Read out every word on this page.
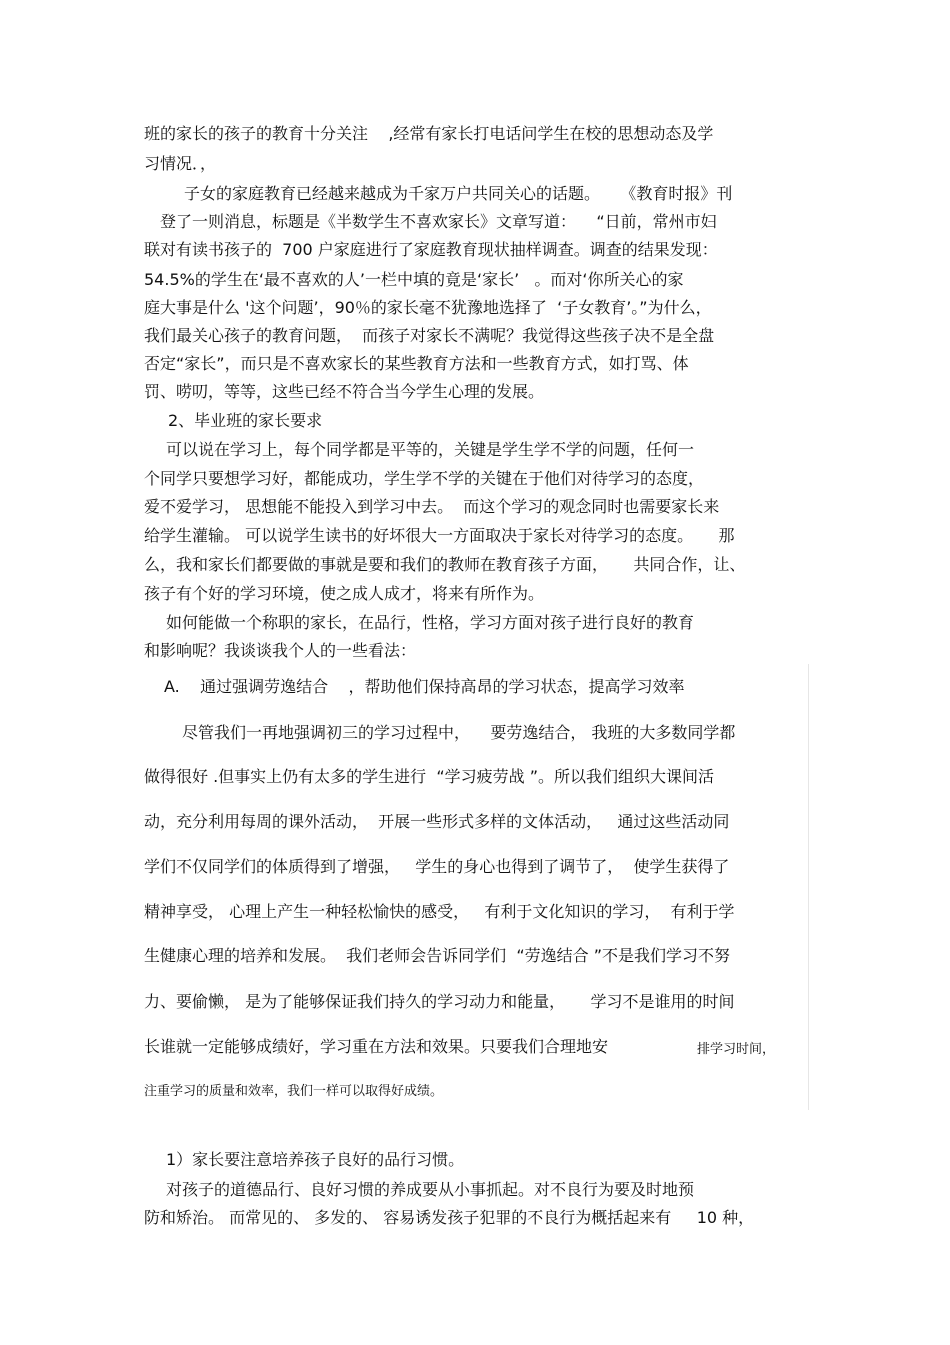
班的家长的孩子的教育十分关注    ,经常有家长打电话问学生在校的思想动态及学
习情况．，
子女的家庭教育已经越来越成为千家万户共同关心的话题。    《教育时报》刊
登了一则消息，标题是《半数学生不喜欢家长》文章写道：    “日前，常州市妇
联对有读书孩子的  700 户家庭进行了家庭教育现状抽样调查。调查的结果发现：
54.5%的学生在‘最不喜欢的人’一栏中填的竟是‘家长’   。而对‘你所关心的家
庭大事是什么 '这个问题’，90％的家长毫不犹豫地选择了  ‘子女教育’。”为什么，
我们最关心孩子的教育问题，  而孩子对家长不满呢？我觉得这些孩子决不是全盘
否定“家长”，而只是不喜欢家长的某些教育方法和一些教育方式，如打骂、体
罚、唠叨，等等，这些已经不符合当今学生心理的发展。
2、毕业班的家长要求
可以说在学习上，每个同学都是平等的，关键是学生学不学的问题，任何一
个同学只要想学习好，都能成功，学生学不学的关键在于他们对待学习的态度，
爱不爱学习， 思想能不能投入到学习中去。  而这个学习的观念同时也需要家长来
给学生灌输。 可以说学生读书的好坏很大一方面取决于家长对待学习的态度。     那
么，我和家长们都要做的事就是要和我们的教师在教育孩子方面，     共同合作，让、
孩子有个好的学习环境，使之成人成才，将来有所作为。
如何能做一个称职的家长，在品行，性格，学习方面对孩子进行良好的教育
和影响呢？我谈谈我个人的一些看法：
A.    通过强调劳逸结合    ，帮助他们保持高昂的学习状态，提高学习效率
尽管我们一再地强调初三的学习过程中，    要劳逸结合， 我班的大多数同学都
做得很好 .但事实上仍有太多的学生进行  “学习疲劳战 ”。所以我们组织大课间活
动，充分利用每周的课外活动，  开展一些形式多样的文体活动，   通过这些活动同
学们不仅同学们的体质得到了增强，   学生的身心也得到了调节了，  使学生获得了
精神享受， 心理上产生一种轻松愉快的感受，   有利于文化知识的学习，  有利于学
生健康心理的培养和发展。  我们老师会告诉同学们  “劳逸结合 ”不是我们学习不努
力、要偷懒， 是为了能够保证我们持久的学习动力和能量，     学习不是谁用的时间
长谁就一定能够成绩好，学习重在方法和效果。只要我们合理地安	排学习时间，
注重学习的质量和效率，我们一样可以取得好成绩。
1）家长要注意培养孩子良好的品行习惯。
对孩子的道德品行、良好习惯的养成要从小事抓起。对不良行为要及时地预
防和矫治。 而常见的、 多发的、 容易诱发孩子犯罪的不良行为概括起来有     10 种，
